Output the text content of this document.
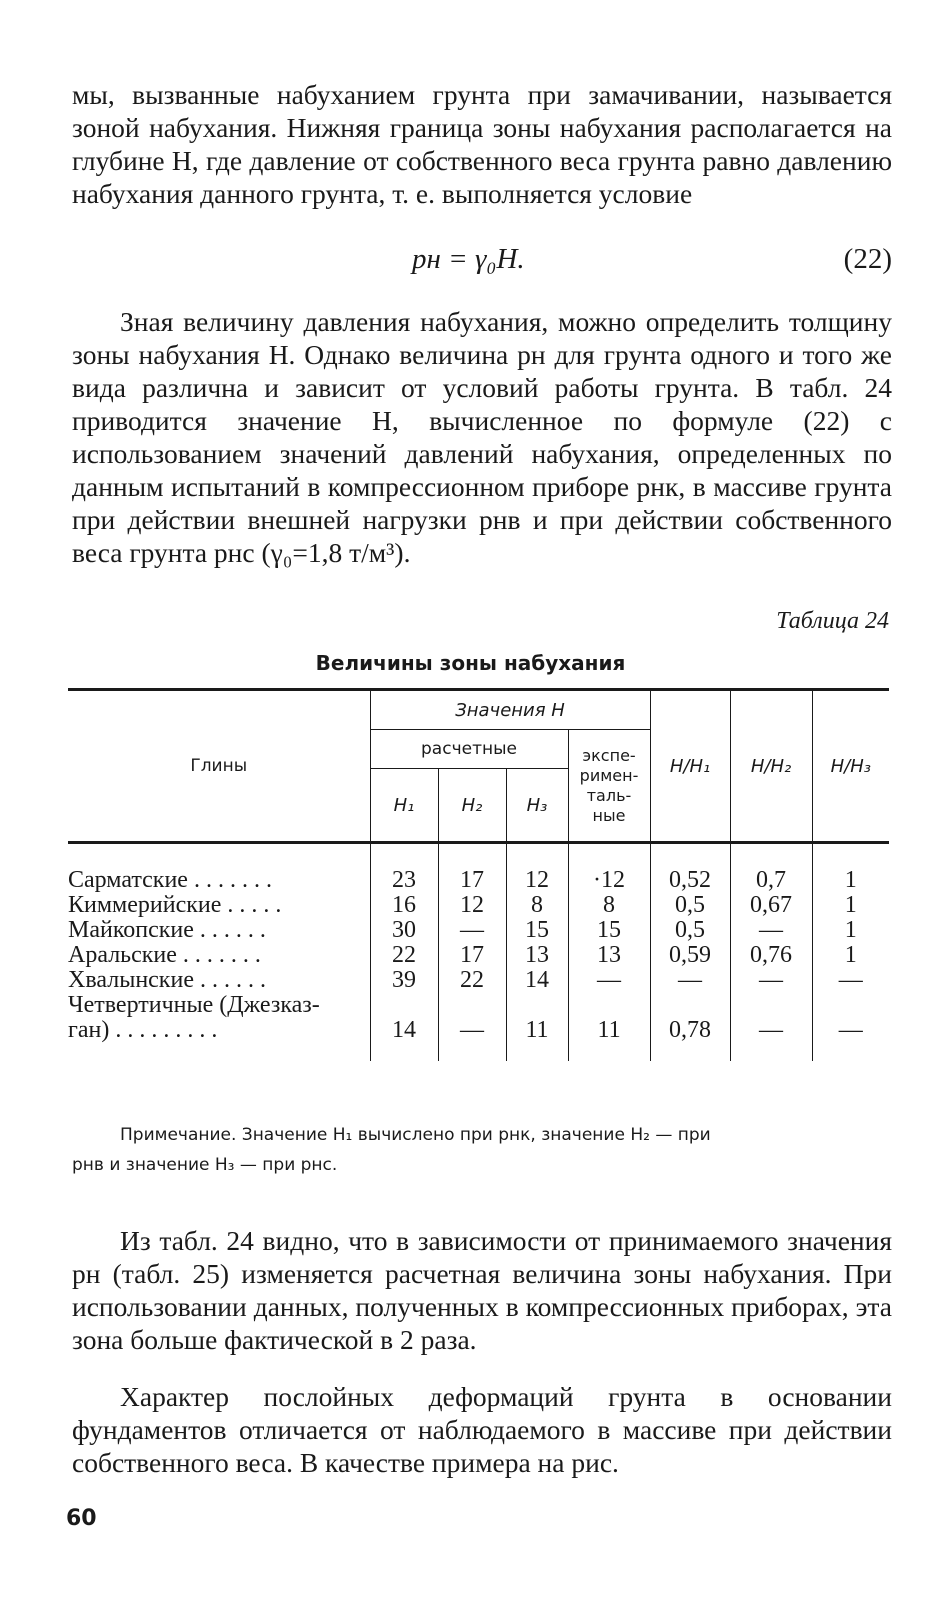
мы, вызванные набуханием грунта при замачивании, называется зоной набухания. Нижняя граница зоны набухания располагается на глубине H, где давление от собственного веса грунта равно давлению набухания данного грунта, т. е. выполняется условие

pн = γ₀H.	(22)

Зная величину давления набухания, можно определить толщину зоны набухания H. Однако величина pн для грунта одного и того же вида различна и зависит от условий работы грунта. В табл. 24 приводится значение H, вычисленное по формуле (22) с использованием значений давлений набухания, определенных по данным испытаний в компрессионном приборе pнк, в массиве грунта при действии внешней нагрузки pнв и при действии собственного веса грунта pнс (γ₀=1,8 т/м³).

Таблица 24
Величины зоны набухания
Глины	Значения H				H/H₁	H/H₂	H/H₃
	расчетные			экспе-римен-таль-ные			
	H₁	H₂	H₃				
Сарматские . . . . . . .	23	17	12	·12	0,52	0,7	1
Киммерийские . . . . .	16	12	8	8	0,5	0,67	1
Майкопские . . . . . .	30	—	15	15	0,5	—	1
Аральские . . . . . . .	22	17	13	13	0,59	0,76	1
Хвалынские . . . . . .	39	22	14	—	—	—	—
Четвертичные (Джезказ-							
ган) . . . . . . . . .	14	—	11	11	0,78	—	—
Примечание. Значение H₁ вычислено при pнк, значение H₂ — при
pнв и значение H₃ — при pнс.

Из табл. 24 видно, что в зависимости от принимаемого значения pн (табл. 25) изменяется расчетная величина зоны набухания. При использовании данных, полученных в компрессионных приборах, эта зона больше фактической в 2 раза.

Характер послойных деформаций грунта в основании фундаментов отличается от наблюдаемого в массиве при действии собственного веса. В качестве примера на рис.

60
